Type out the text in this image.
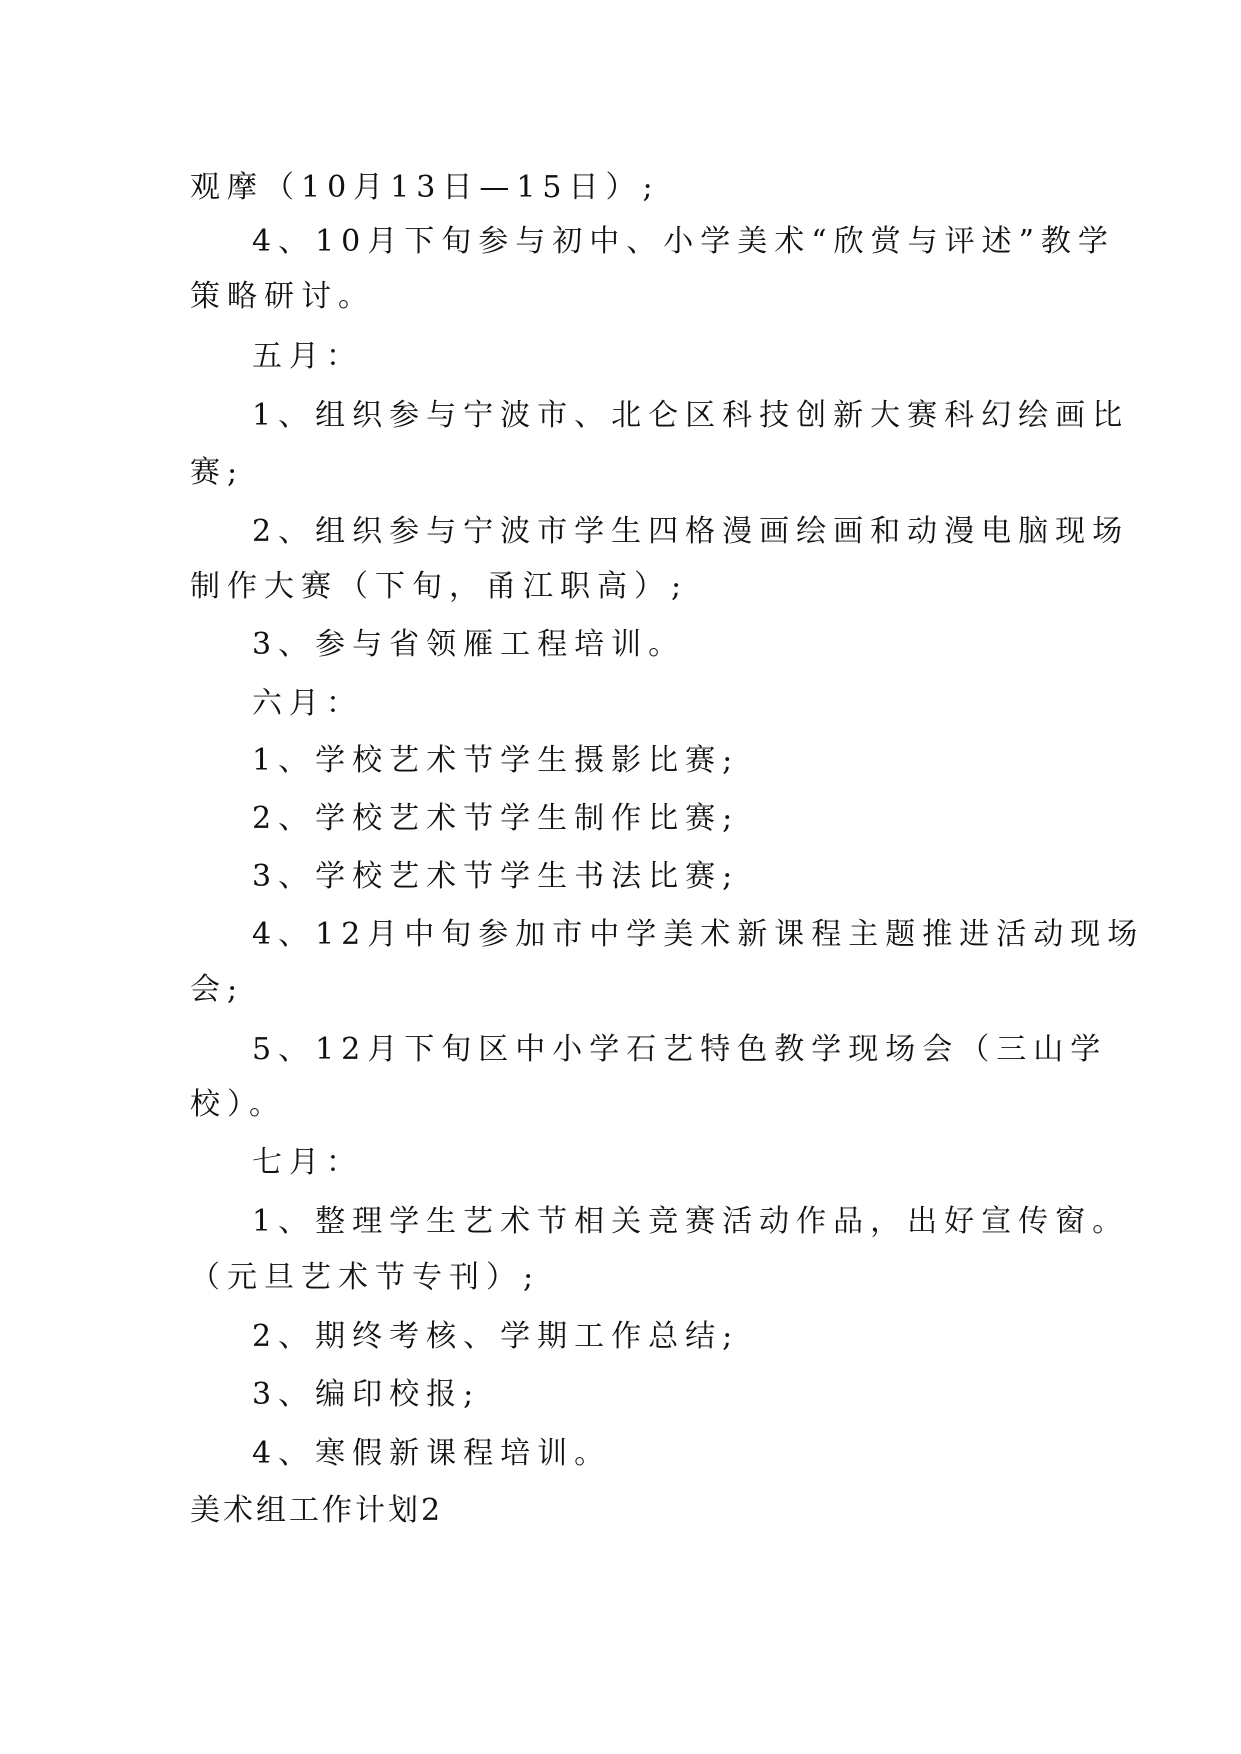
观摩（10月13日—15日）;
4、10月下旬参与初中、小学美术“欣赏与评述”教学
策略研讨。
五月：
1、组织参与宁波市、北仑区科技创新大赛科幻绘画比
赛;
2、组织参与宁波市学生四格漫画绘画和动漫电脑现场
制作大赛（下旬，甬江职高）;
3、参与省领雁工程培训。
六月：
1、学校艺术节学生摄影比赛;
2、学校艺术节学生制作比赛;
3、学校艺术节学生书法比赛;
4、12月中旬参加市中学美术新课程主题推进活动现场
会;
5、12月下旬区中小学石艺特色教学现场会（三山学
校）。
七月：
1、整理学生艺术节相关竞赛活动作品，出好宣传窗。
（元旦艺术节专刊）;
2、期终考核、学期工作总结;
3、编印校报;
4、寒假新课程培训。
美术组工作计划2
